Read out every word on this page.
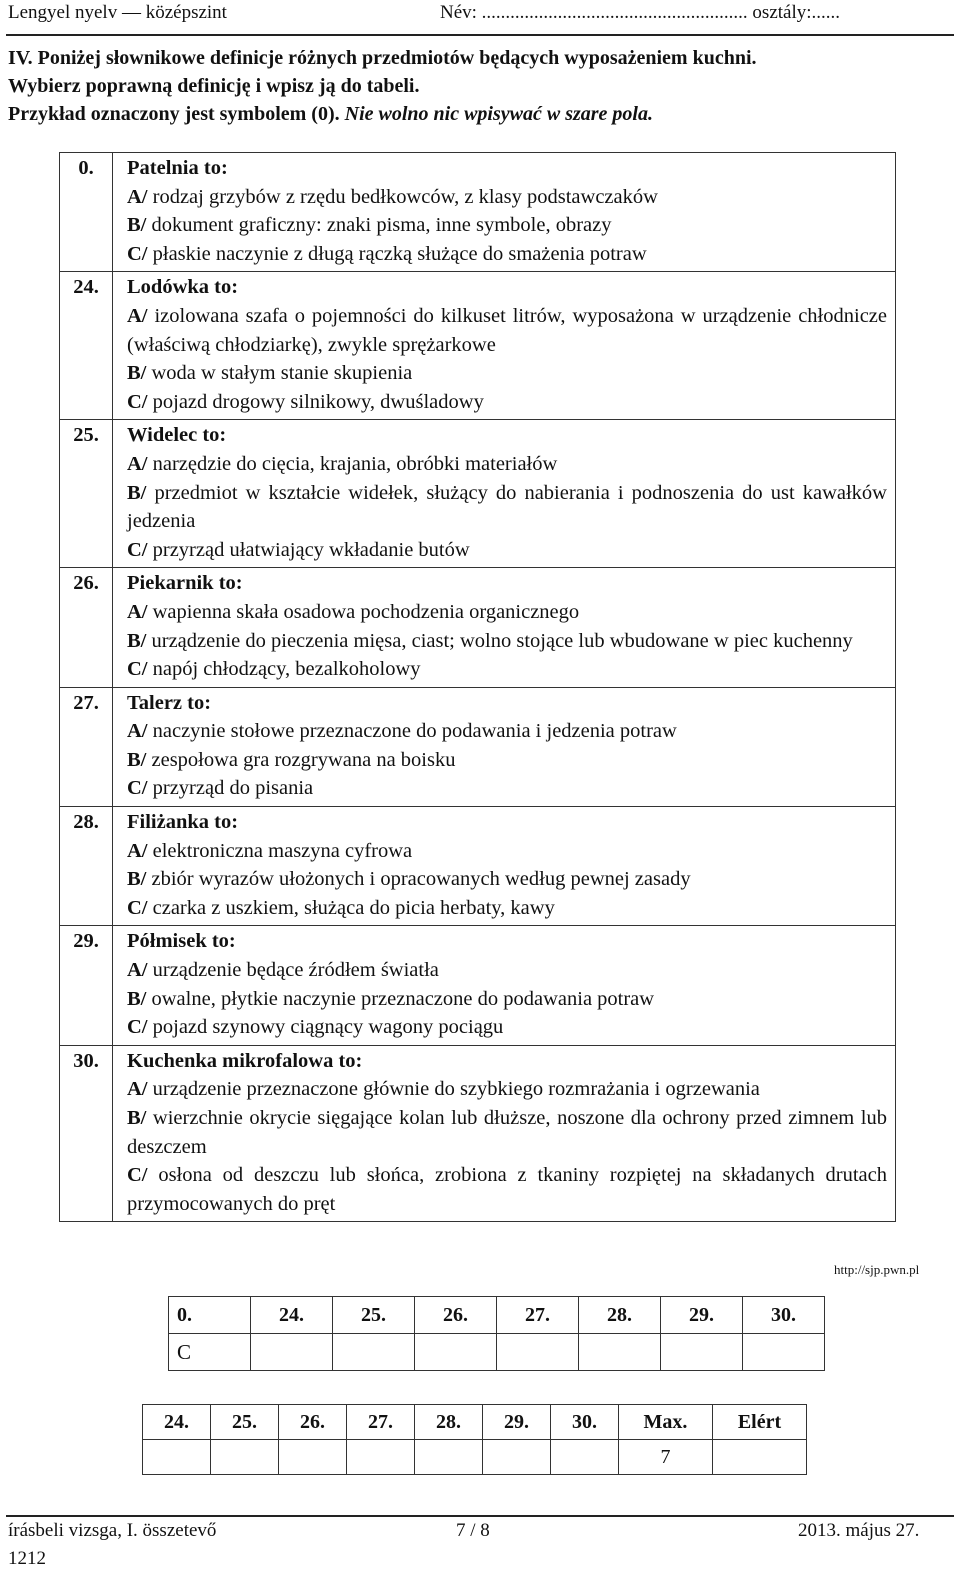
Lengyel nyelv — középszint	Név: ........................................................ osztály:......
IV. Poniżej słownikowe definicje różnych przedmiotów będących wyposażeniem kuchni.
Wybierz poprawną definicję i wpisz ją do tabeli.
Przykład oznaczony jest symbolem (0). Nie wolno nic wpisywać w szare pola.
0.	Patelnia to:
A/ rodzaj grzybów z rzędu bedłkowców, z klasy podstawczaków
B/ dokument graficzny: znaki pisma, inne symbole, obrazy
C/ płaskie naczynie z długą rączką służące do smażenia potraw

24.	Lodówka to:
A/ izolowana szafa o pojemności do kilkuset litrów, wyposażona w urządzenie chłodnicze (właściwą chłodziarkę), zwykle sprężarkowe
B/ woda w stałym stanie skupienia
C/ pojazd drogowy silnikowy, dwuśladowy

25.	Widelec to:
A/ narzędzie do cięcia, krajania, obróbki materiałów
B/ przedmiot w kształcie widełek, służący do nabierania i podnoszenia do ust kawałków jedzenia
C/ przyrząd ułatwiający wkładanie butów

26.	Piekarnik to:
A/ wapienna skała osadowa pochodzenia organicznego
B/ urządzenie do pieczenia mięsa, ciast; wolno stojące lub wbudowane w piec kuchenny
C/ napój chłodzący, bezalkoholowy

27.	Talerz to:
A/ naczynie stołowe przeznaczone do podawania i jedzenia potraw
B/ zespołowa gra rozgrywana na boisku
C/ przyrząd do pisania

28.	Filiżanka to:
A/ elektroniczna maszyna cyfrowa
B/ zbiór wyrazów ułożonych i opracowanych według pewnej zasady
C/ czarka z uszkiem, służąca do picia herbaty, kawy

29.	Półmisek to:
A/ urządzenie będące źródłem światła
B/ owalne, płytkie naczynie przeznaczone do podawania potraw
C/ pojazd szynowy ciągnący wagony pociągu

30.	Kuchenka mikrofalowa to:
A/ urządzenie przeznaczone głównie do szybkiego rozmrażania i ogrzewania
B/ wierzchnie okrycie sięgające kolan lub dłuższe, noszone dla ochrony przed zimnem lub deszczem
C/ osłona od deszczu lub słońca, zrobiona z tkaniny rozpiętej na składanych drutach przymocowanych do pręt
http://sjp.pwn.pl
0.	24.	25.	26.	27.	28.	29.	30.
C							
24.	25.	26.	27.	28.	29.	30.	Max.	Elért
							7	
írásbeli vizsga, I. összetevő	7 / 8	2013. május 27.
1212
